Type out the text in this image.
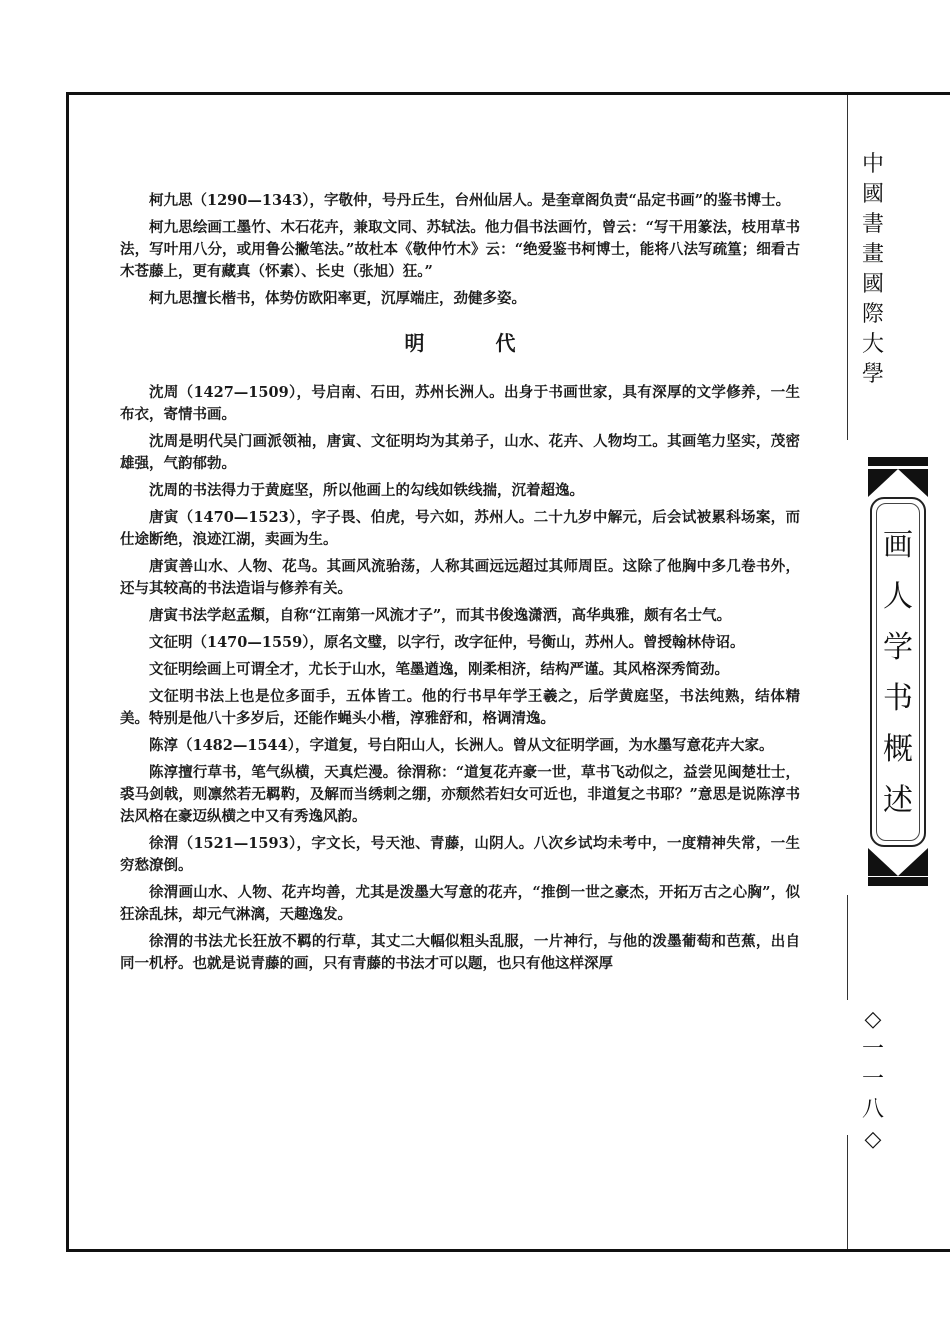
中
國
書
畫
國
際
大
學
画
人
学
书
概
述
◇
一
一
八
◇

柯九思（1290—1343），字敬仲，号丹丘生，台州仙居人。是奎章阁负责“品定书画”的鉴书博士。

柯九思绘画工墨竹、木石花卉，兼取文同、苏轼法。他力倡书法画竹，曾云：“写干用篆法，枝用草书法，写叶用八分，或用鲁公撇笔法。”故杜本《敬仲竹木》云：“绝爱鉴书柯博士，能将八法写疏篁；细看古木苍藤上，更有藏真（怀素）、长史（张旭）狂。”

柯九思擅长楷书，体势仿欧阳率更，沉厚端庄，劲健多姿。

明 代

沈周（1427—1509），号启南、石田，苏州长洲人。出身于书画世家，具有深厚的文学修养，一生布衣，寄情书画。

沈周是明代吴门画派领袖，唐寅、文征明均为其弟子，山水、花卉、人物均工。其画笔力坚实，茂密雄强，气韵郁勃。

沈周的书法得力于黄庭坚，所以他画上的勾线如铁线揣，沉着超逸。

唐寅（1470—1523），字子畏、伯虎，号六如，苏州人。二十九岁中解元，后会试被累科场案，而仕途断绝，浪迹江湖，卖画为生。

唐寅善山水、人物、花鸟。其画风流骀荡，人称其画远远超过其师周臣。这除了他胸中多几卷书外，还与其较高的书法造诣与修养有关。

唐寅书法学赵孟頫，自称“江南第一风流才子”，而其书俊逸潇洒，高华典雅，颇有名士气。

文征明（1470—1559），原名文璧，以字行，改字征仲，号衡山，苏州人。曾授翰林侍诏。

文征明绘画上可谓全才，尤长于山水，笔墨遒逸，刚柔相济，结构严谨。其风格深秀简劲。

文征明书法上也是位多面手，五体皆工。他的行书早年学王羲之，后学黄庭坚，书法纯熟，结体精美。特别是他八十多岁后，还能作蝇头小楷，淳雅舒和，格调清逸。

陈淳（1482—1544），字道复，号白阳山人，长洲人。曾从文征明学画，为水墨写意花卉大家。

陈淳擅行草书，笔气纵横，天真烂漫。徐渭称：“道复花卉豪一世，草书飞动似之，益尝见闽楚壮士，裘马剑戟，则凛然若无羁靮，及解而当绣刺之绷，亦颓然若妇女可近也，非道复之书耶？”意思是说陈淳书法风格在豪迈纵横之中又有秀逸风韵。

徐渭（1521—1593），字文长，号天池、青藤，山阴人。八次乡试均未考中，一度精神失常，一生穷愁潦倒。

徐渭画山水、人物、花卉均善，尤其是泼墨大写意的花卉，“推倒一世之豪杰，开拓万古之心胸”，似狂涂乱抹，却元气淋漓，天趣逸发。

徐渭的书法尤长狂放不羁的行草，其丈二大幅似粗头乱服，一片神行，与他的泼墨葡萄和芭蕉，出自同一机杼。也就是说青藤的画，只有青藤的书法才可以题，也只有他这样深厚
